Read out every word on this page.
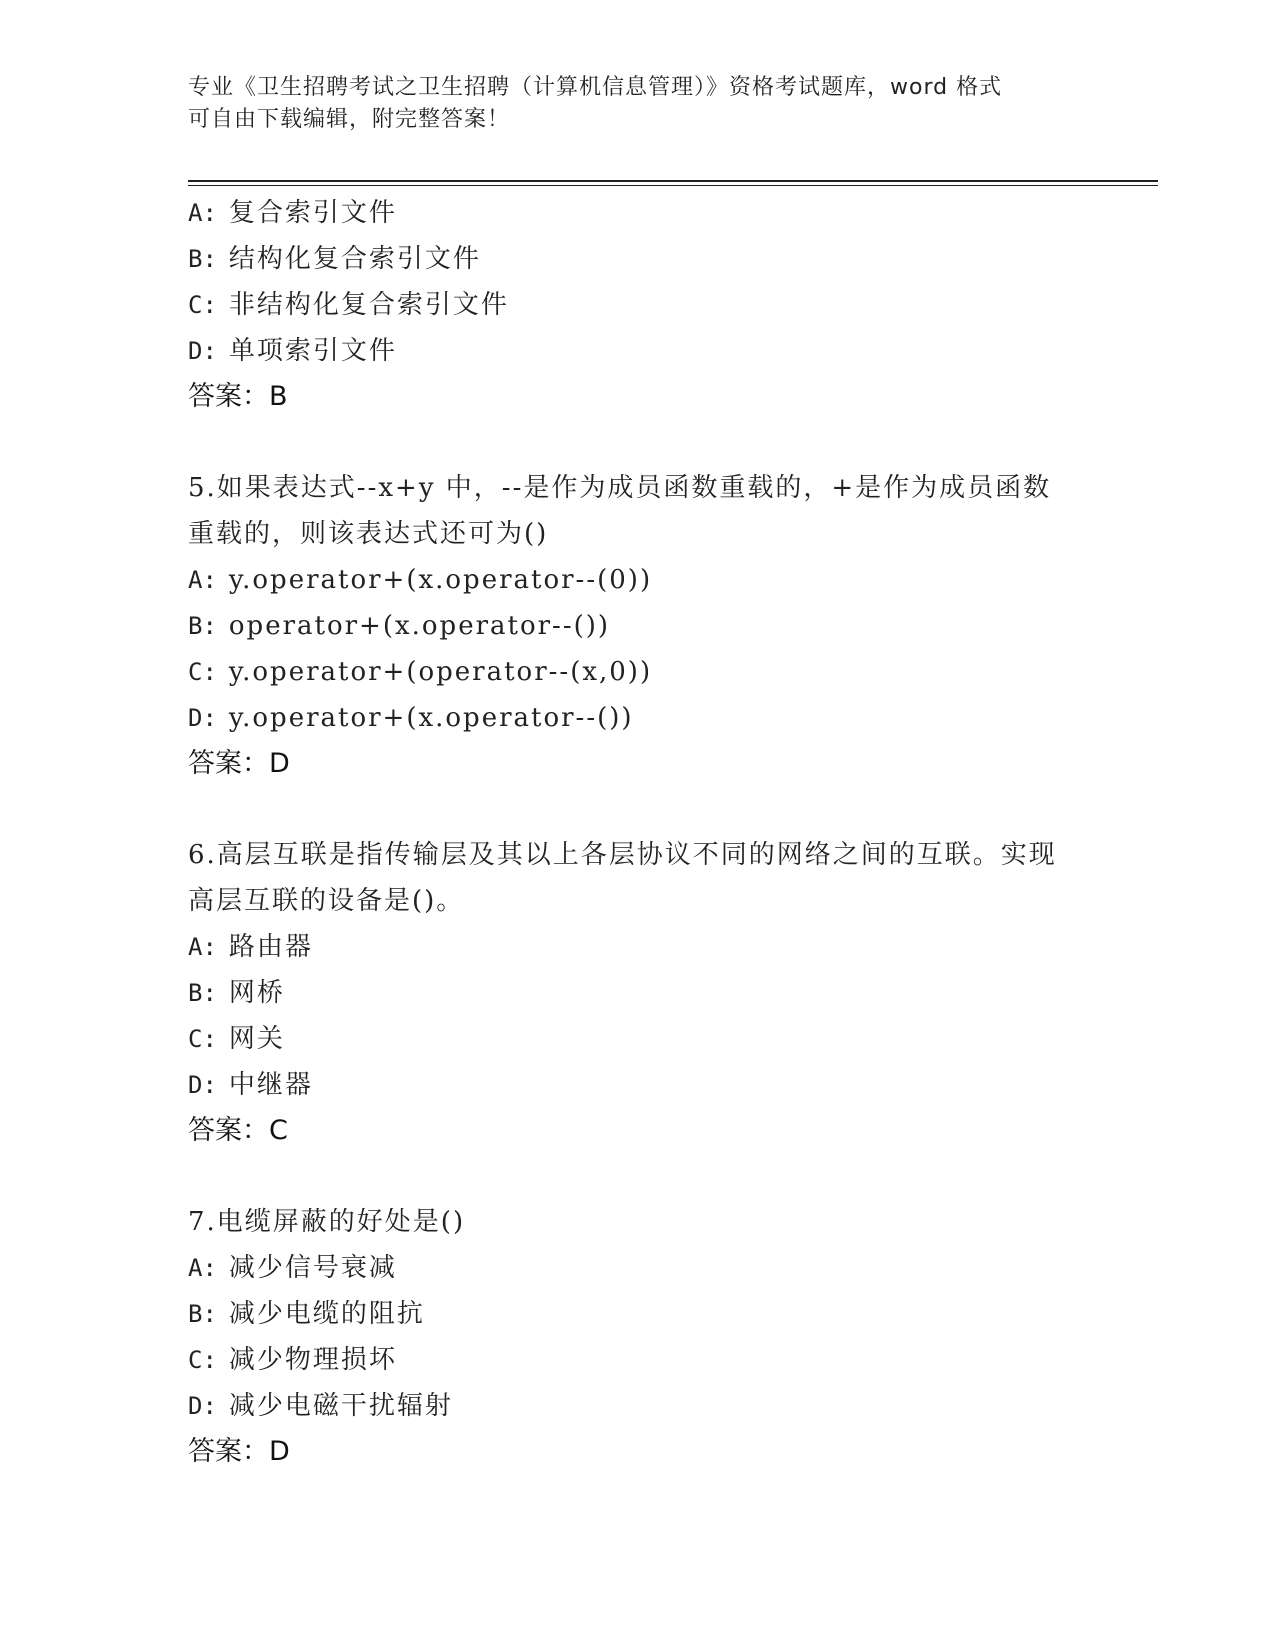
专业《卫生招聘考试之卫生招聘（计算机信息管理）》资格考试题库，word 格式
可自由下载编辑，附完整答案！
A: 复合索引文件
B: 结构化复合索引文件
C: 非结构化复合索引文件
D: 单项索引文件
答案：B
5.如果表达式--x+y 中，--是作为成员函数重载的，+是作为成员函数重载的，则该表达式还可为()
A: y.operator+(x.operator--(0))
B: operator+(x.operator--())
C: y.operator+(operator--(x,0))
D: y.operator+(x.operator--())
答案：D
6.高层互联是指传输层及其以上各层协议不同的网络之间的互联。实现高层互联的设备是()。
A: 路由器
B: 网桥
C: 网关
D: 中继器
答案：C
7.电缆屏蔽的好处是()
A: 减少信号衰减
B: 减少电缆的阻抗
C: 减少物理损坏
D: 减少电磁干扰辐射
答案：D
